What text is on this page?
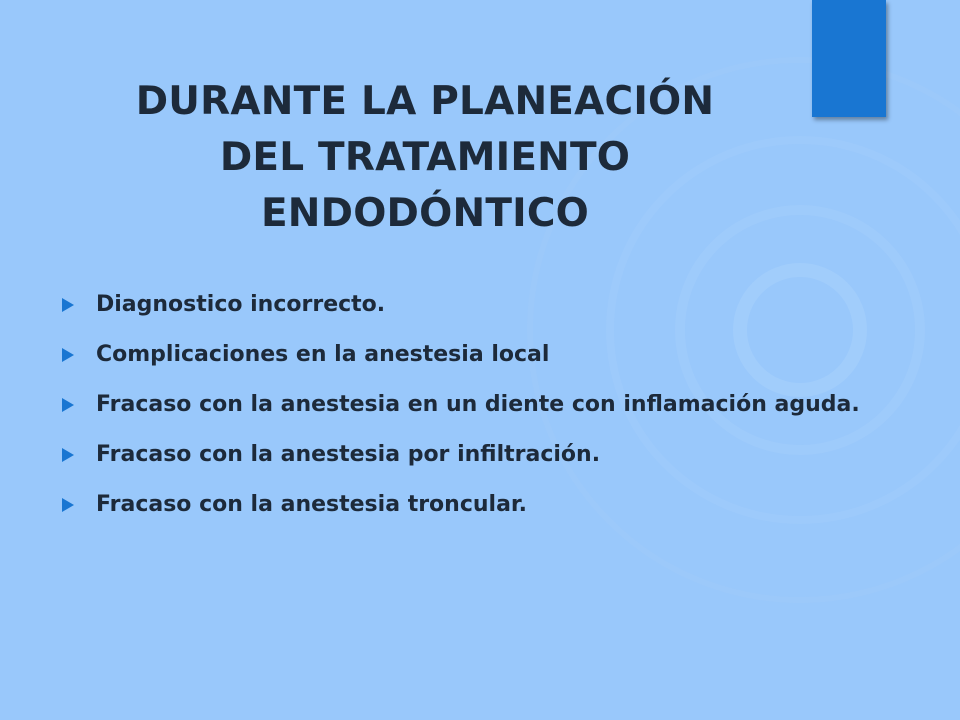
DURANTE LA PLANEACIÓN
DEL TRATAMIENTO
ENDODÓNTICO
Diagnostico incorrecto.
Complicaciones en la anestesia local
Fracaso con la anestesia en un diente con inflamación aguda.
Fracaso con la anestesia por infiltración.
Fracaso con la anestesia troncular.
